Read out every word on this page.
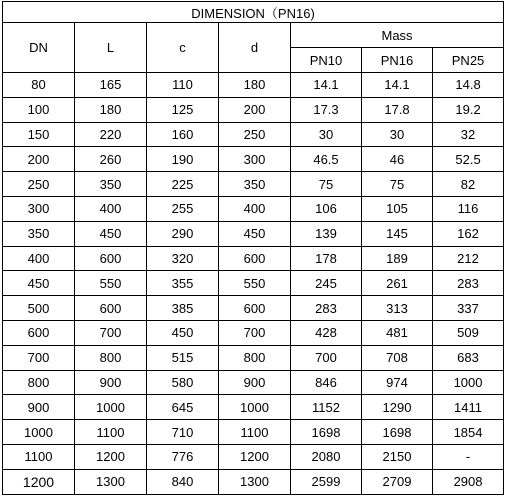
DIMENSION（PN16)						
DN	L	c	d	Mass		
				PN10	PN16	PN25
80	165	110	180	14.1	14.1	14.8
100	180	125	200	17.3	17.8	19.2
150	220	160	250	30	30	32
200	260	190	300	46.5	46	52.5
250	350	225	350	75	75	82
300	400	255	400	106	105	116
350	450	290	450	139	145	162
400	600	320	600	178	189	212
450	550	355	550	245	261	283
500	600	385	600	283	313	337
600	700	450	700	428	481	509
700	800	515	800	700	708	683
800	900	580	900	846	974	1000
900	1000	645	1000	1152	1290	1411
1000	1100	710	1100	1698	1698	1854
1100	1200	776	1200	2080	2150	-
1200	1300	840	1300	2599	2709	2908
